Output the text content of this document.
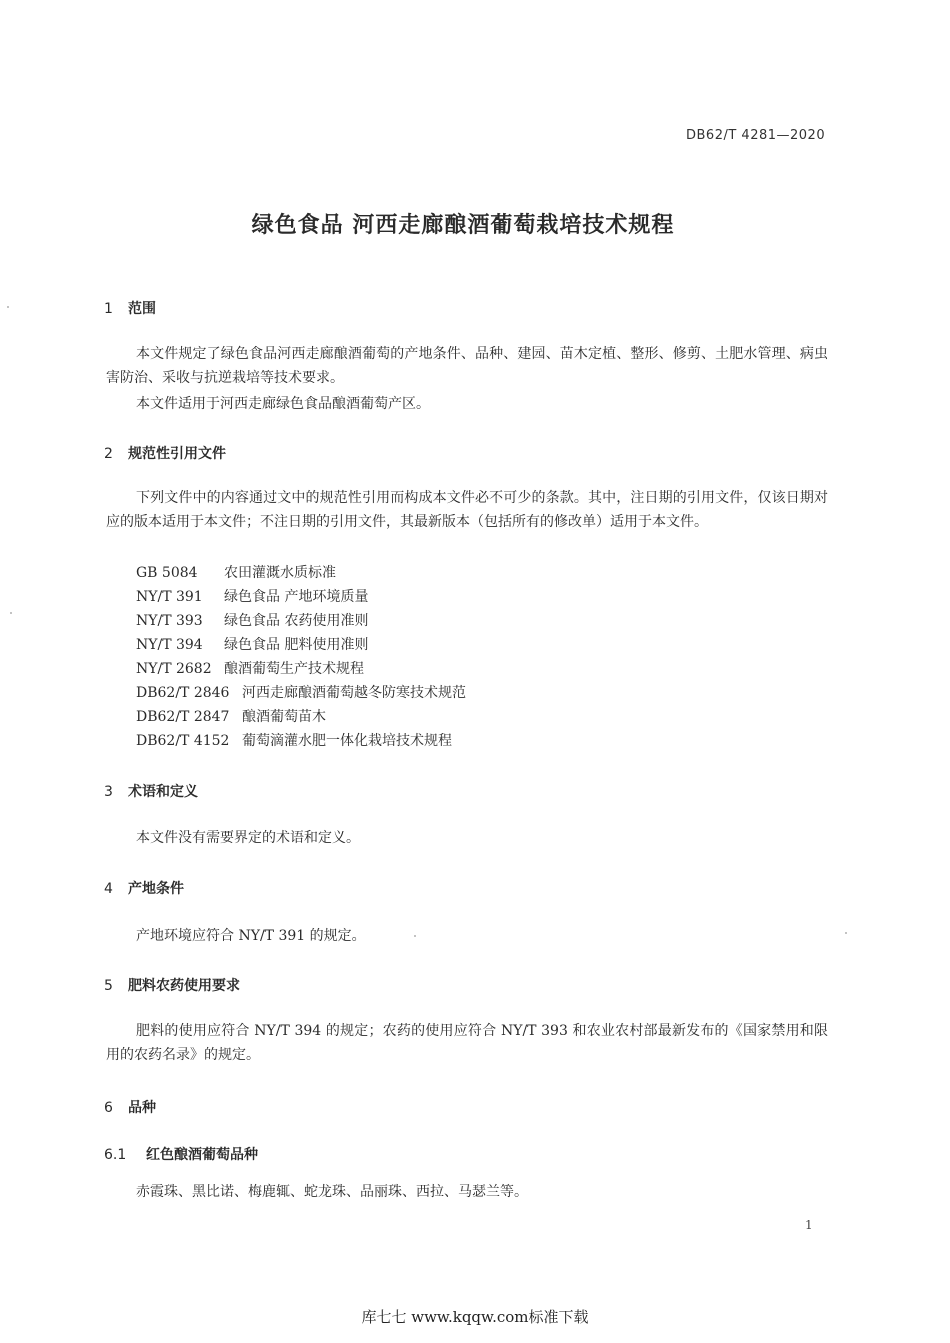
DB62/T 4281—2020
绿色食品 河西走廊酿酒葡萄栽培技术规程
1 范围
本文件规定了绿色食品河西走廊酿酒葡萄的产地条件、品种、建园、苗木定植、整形、修剪、土肥水管理、病虫害防治、采收与抗逆栽培等技术要求。
本文件适用于河西走廊绿色食品酿酒葡萄产区。
2 规范性引用文件
下列文件中的内容通过文中的规范性引用而构成本文件必不可少的条款。其中，注日期的引用文件，仅该日期对应的版本适用于本文件；不注日期的引用文件，其最新版本（包括所有的修改单）适用于本文件。
GB 5084 农田灌溉水质标准
NY/T 391 绿色食品 产地环境质量
NY/T 393 绿色食品 农药使用准则
NY/T 394 绿色食品 肥料使用准则
NY/T 2682 酿酒葡萄生产技术规程
DB62/T 2846 河西走廊酿酒葡萄越冬防寒技术规范
DB62/T 2847 酿酒葡萄苗木
DB62/T 4152 葡萄滴灌水肥一体化栽培技术规程
3 术语和定义
本文件没有需要界定的术语和定义。
4 产地条件
产地环境应符合 NY/T 391 的规定。
5 肥料农药使用要求
肥料的使用应符合 NY/T 394 的规定；农药的使用应符合 NY/T 393 和农业农村部最新发布的《国家禁用和限用的农药名录》的规定。
6 品种
6.1 红色酿酒葡萄品种
赤霞珠、黑比诺、梅鹿辄、蛇龙珠、品丽珠、西拉、马瑟兰等。
1
库七七 www.kqqw.com标准下载
